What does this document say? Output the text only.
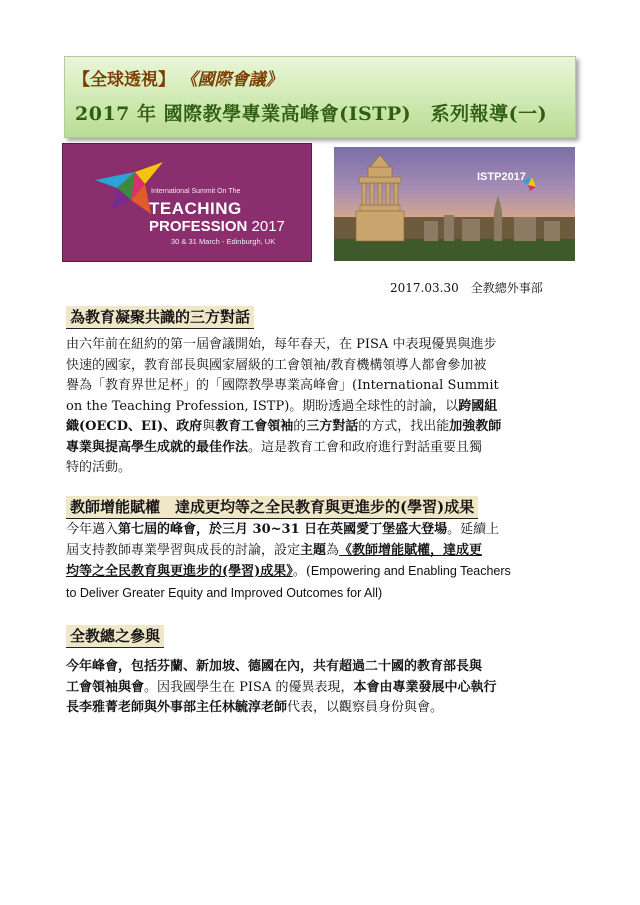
【全球透視】 《國際會議》
2017 年 國際教學專業高峰會(ISTP)　系列報導(一)
International Summit On The
TEACHING
PROFESSION 2017
30 & 31 March - Edinburgh, UK
ISTP2017
2017.03.30　全教總外事部
為教育凝聚共識的三方對話
由六年前在紐約的第一屆會議開始，每年春天，在 PISA 中表現優異與進步
快速的國家，教育部長與國家層級的工會領袖/教育機構領導人都會參加被
譽為「教育界世足杯」的「國際教學專業高峰會」(International Summit
on the Teaching Profession, ISTP)。期盼透過全球性的討論，以跨國組
織(OECD、EI)、政府與教育工會領袖的三方對話的方式，找出能加強教師
專業與提高學生成就的最佳作法。這是教育工會和政府進行對話重要且獨
特的活動。
教師增能賦權　達成更均等之全民教育與更進步的(學習)成果
今年邁入第七屆的峰會，於三月 30~31 日在英國愛丁堡盛大登場。延續上
屆支持教師專業學習與成長的討論，設定主題為《教師增能賦權，達成更
均等之全民教育與更進步的(學習)成果》。(Empowering and Enabling Teachers
to Deliver Greater Equity and Improved Outcomes for All)
全教總之參與
今年峰會，包括芬蘭、新加坡、德國在內，共有超過二十國的教育部長與
工會領袖與會。因我國學生在 PISA 的優異表現，本會由專業發展中心執行
長李雅菁老師與外事部主任林毓淳老師代表，以觀察員身份與會。
